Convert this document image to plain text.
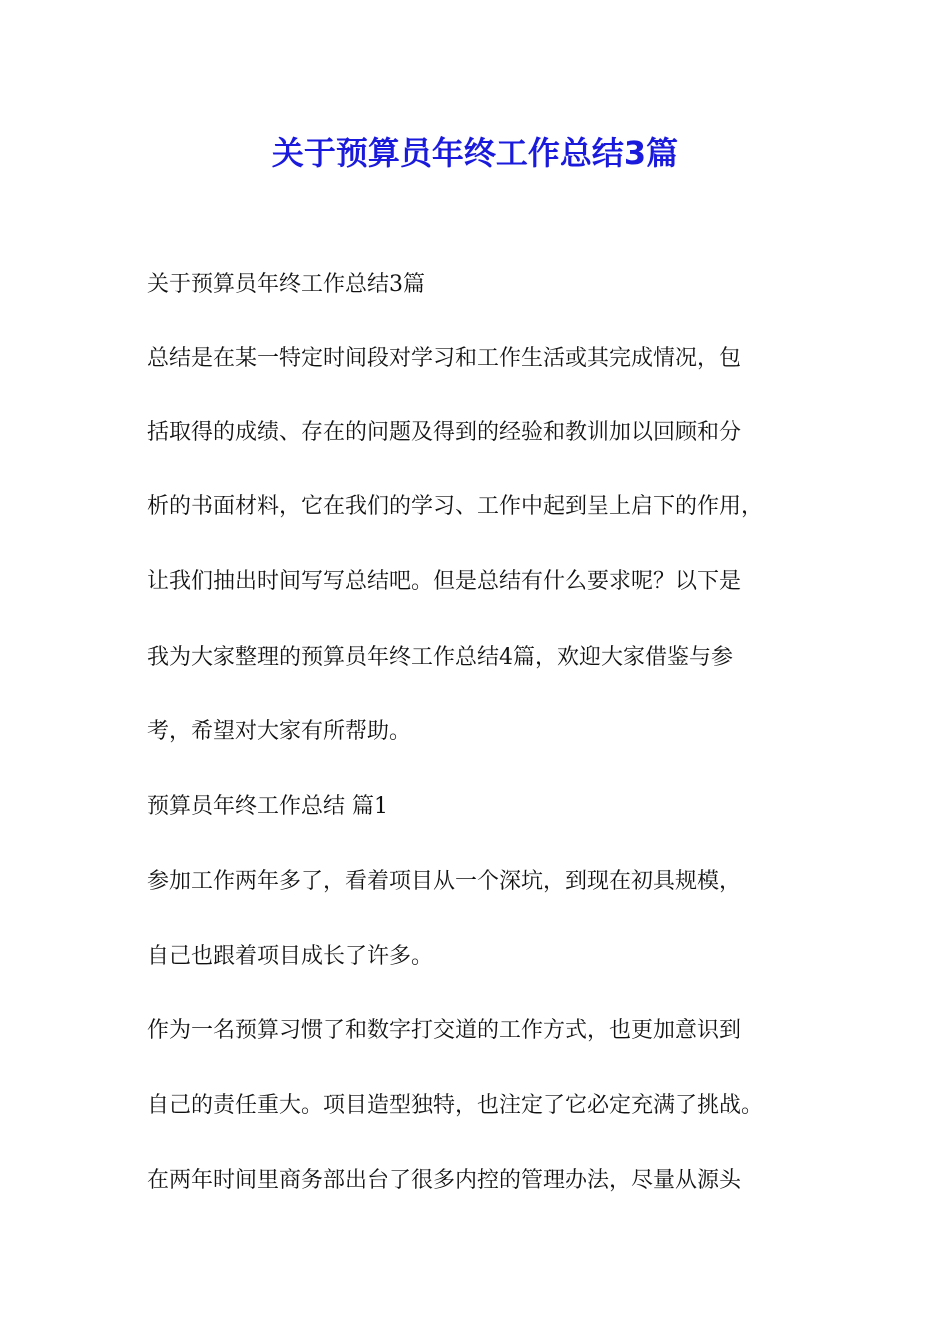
关于预算员年终工作总结3篇

关于预算员年终工作总结3篇

总结是在某一特定时间段对学习和工作生活或其完成情况，包

括取得的成绩、存在的问题及得到的经验和教训加以回顾和分

析的书面材料，它在我们的学习、工作中起到呈上启下的作用，

让我们抽出时间写写总结吧。但是总结有什么要求呢？以下是

我为大家整理的预算员年终工作总结4篇，欢迎大家借鉴与参

考，希望对大家有所帮助。

预算员年终工作总结 篇1

参加工作两年多了，看着项目从一个深坑，到现在初具规模，

自己也跟着项目成长了许多。

作为一名预算习惯了和数字打交道的工作方式，也更加意识到

自己的责任重大。项目造型独特，也注定了它必定充满了挑战。

在两年时间里商务部出台了很多内控的管理办法，尽量从源头
